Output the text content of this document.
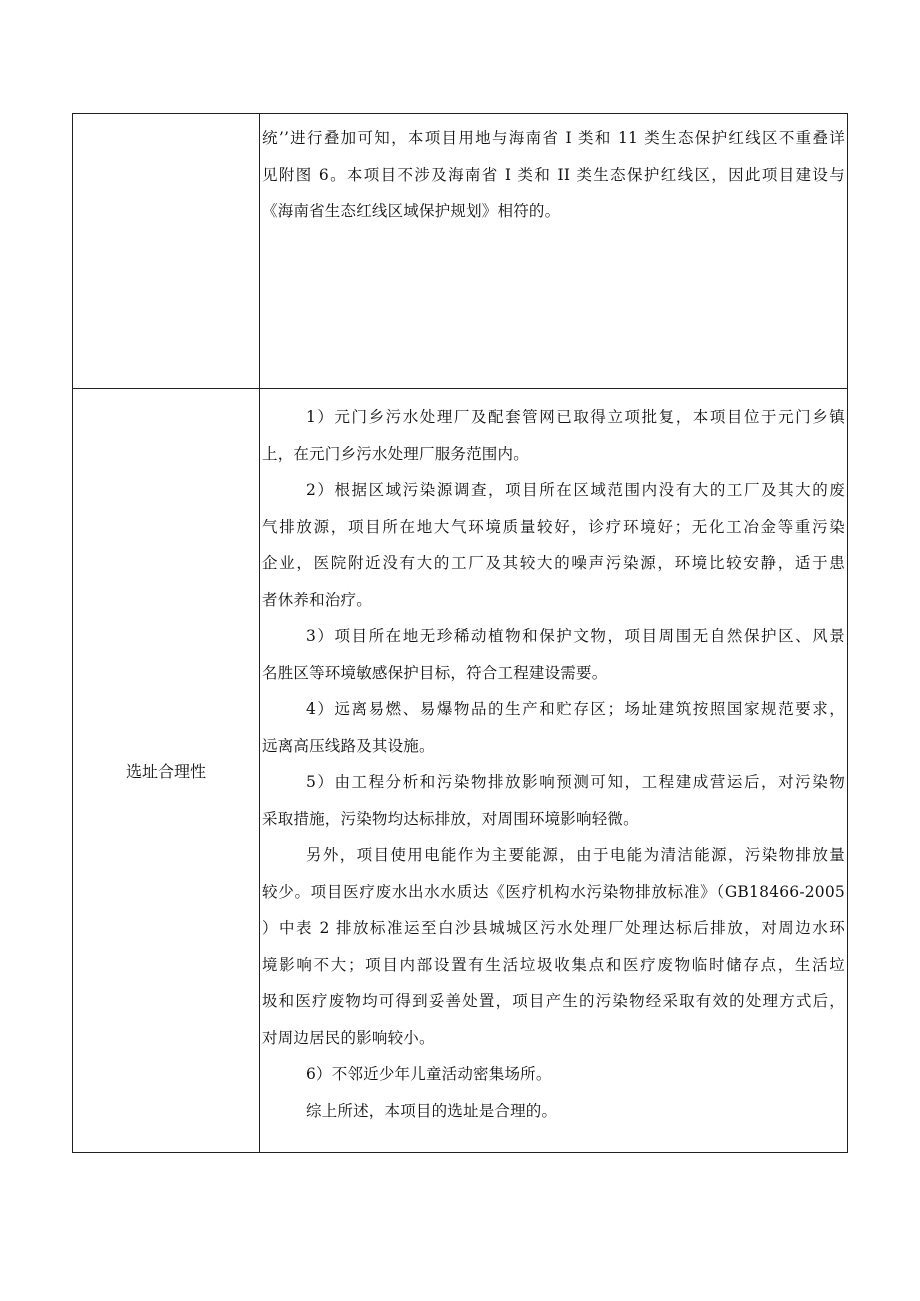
统’’进行叠加可知，本项目用地与海南省 I 类和 11 类生态保护红线区不重叠详
见附图 6。本项目不涉及海南省 I 类和 II 类生态保护红线区，因此项目建设与
《海南省生态红线区域保护规划》相符的。

选址合理性

1）元门乡污水处理厂及配套管网已取得立项批复，本项目位于元门乡镇
上，在元门乡污水处理厂服务范围内。

2）根据区域污染源调查，项目所在区域范围内没有大的工厂及其大的废
气排放源，项目所在地大气环境质量较好，诊疗环境好；无化工冶金等重污染
企业，医院附近没有大的工厂及其较大的噪声污染源，环境比较安静，适于患
者休养和治疗。

3）项目所在地无珍稀动植物和保护文物，项目周围无自然保护区、风景
名胜区等环境敏感保护目标，符合工程建设需要。

4）远离易燃、易爆物品的生产和贮存区；场址建筑按照国家规范要求，
远离高压线路及其设施。

5）由工程分析和污染物排放影响预测可知，工程建成营运后，对污染物
采取措施，污染物均达标排放，对周围环境影响轻微。

另外，项目使用电能作为主要能源，由于电能为清洁能源，污染物排放量
较少。项目医疗废水出水水质达《医疗机构水污染物排放标准》（GB18466-2005
）中表 2 排放标准运至白沙县城城区污水处理厂处理达标后排放，对周边水环
境影响不大；项目内部设置有生活垃圾收集点和医疗废物临时储存点，生活垃
圾和医疗废物均可得到妥善处置，项目产生的污染物经采取有效的处理方式后，
对周边居民的影响较小。

6）不邻近少年儿童活动密集场所。

综上所述，本项目的选址是合理的。
